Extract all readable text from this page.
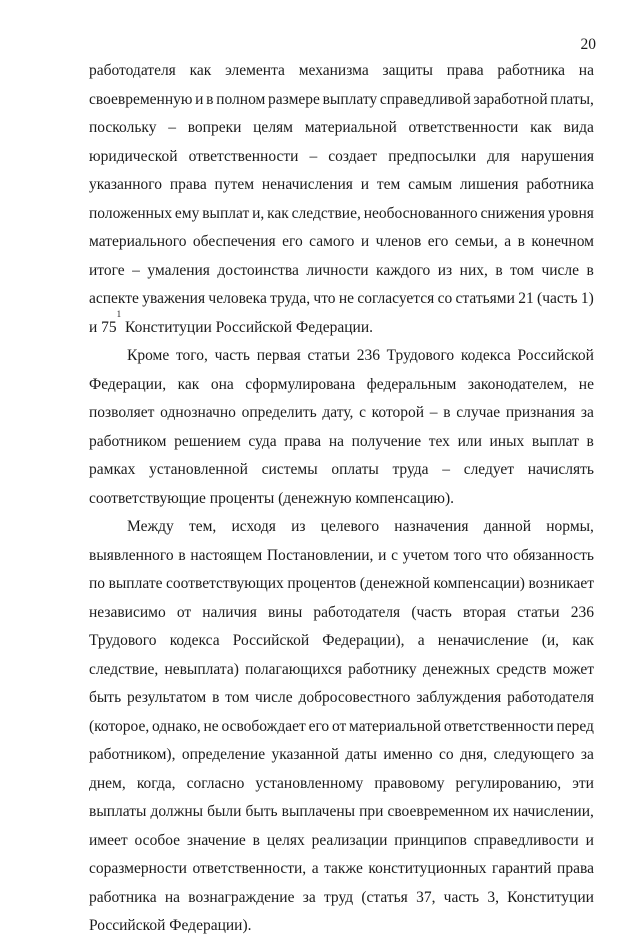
20
работодателя как элемента механизма защиты права работника на
своевременную и в полном размере выплату справедливой заработной платы,
поскольку – вопреки целям материальной ответственности как вида
юридической ответственности – создает предпосылки для нарушения
указанного права путем неначисления и тем самым лишения работника
положенных ему выплат и, как следствие, необоснованного снижения уровня
материального обеспечения его самого и членов его семьи, а в конечном
итоге – умаления достоинства личности каждого из них, в том числе в
аспекте уважения человека труда, что не согласуется со статьями 21 (часть 1)
и 75
1
Конституции Российской Федерации.
Кроме того, часть первая статьи 236 Трудового кодекса Российской
Федерации, как она сформулирована федеральным законодателем, не
позволяет однозначно определить дату, с которой – в случае признания за
работником решением суда права на получение тех или иных выплат в
рамках установленной системы оплаты труда – следует начислять
соответствующие проценты (денежную компенсацию).
Между тем, исходя из целевого назначения данной нормы,
выявленного в настоящем Постановлении, и с учетом того что обязанность
по выплате соответствующих процентов (денежной компенсации) возникает
независимо от наличия вины работодателя (часть вторая статьи 236
Трудового кодекса Российской Федерации), а неначисление (и, как
следствие, невыплата) полагающихся работнику денежных средств может
быть результатом в том числе добросовестного заблуждения работодателя
(которое, однако, не освобождает его от материальной ответственности перед
работником), определение указанной даты именно со дня, следующего за
днем, когда, согласно установленному правовому регулированию, эти
выплаты должны были быть выплачены при своевременном их начислении,
имеет особое значение в целях реализации принципов справедливости и
соразмерности ответственности, а также конституционных гарантий права
работника на вознаграждение за труд (статья 37, часть 3, Конституции
Российской Федерации).
